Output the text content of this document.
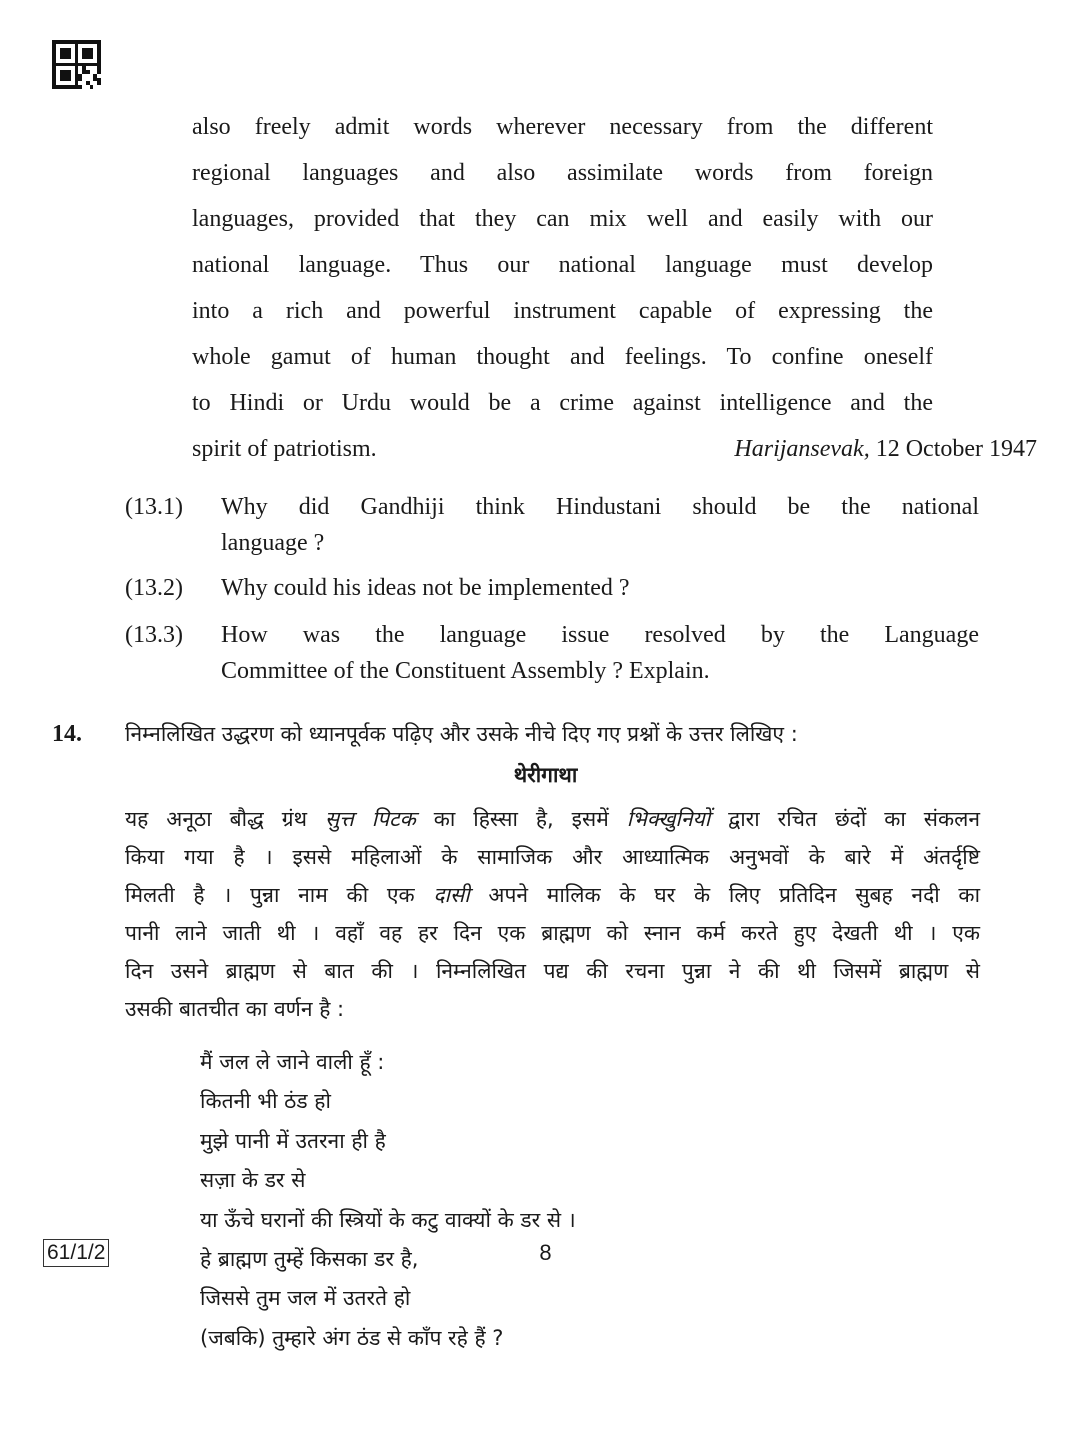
also freely admit words wherever necessary from the different
regional languages and also assimilate words from foreign
languages, provided that they can mix well and easily with our
national language. Thus our national language must develop
into a rich and powerful instrument capable of expressing the
whole gamut of human thought and feelings. To confine oneself
to Hindi or Urdu would be a crime against intelligence and the
spirit of patriotism.	Harijansevak, 12 October 1947
(13.1) Why did Gandhiji think Hindustani should be the national
language ?
(13.2) Why could his ideas not be implemented ?
(13.3) How was the language issue resolved by the Language
Committee of the Constituent Assembly ? Explain.
14. निम्नलिखित उद्धरण को ध्यानपूर्वक पढ़िए और उसके नीचे दिए गए प्रश्नों के उत्तर लिखिए :
थेरीगाथा
यह अनूठा बौद्ध ग्रंथ सुत्त पिटक का हिस्सा है, इसमें भिक्खुनियों द्वारा रचित छंदों का संकलन
किया गया है । इससे महिलाओं के सामाजिक और आध्यात्मिक अनुभवों के बारे में अंतर्दृष्टि
मिलती है । पुन्ना नाम की एक दासी अपने मालिक के घर के लिए प्रतिदिन सुबह नदी का
पानी लाने जाती थी । वहाँ वह हर दिन एक ब्राह्मण को स्नान कर्म करते हुए देखती थी । एक
दिन उसने ब्राह्मण से बात की । निम्नलिखित पद्य की रचना पुन्ना ने की थी जिसमें ब्राह्मण से
उसकी बातचीत का वर्णन है :
मैं जल ले जाने वाली हूँ :
कितनी भी ठंड हो
मुझे पानी में उतरना ही है
सज़ा के डर से
या ऊँचे घरानों की स्त्रियों के कटु वाक्यों के डर से ।
हे ब्राह्मण तुम्हें किसका डर है,
जिससे तुम जल में उतरते हो
(जबकि) तुम्हारे अंग ठंड से काँप रहे हैं ?
61/1/2	8
